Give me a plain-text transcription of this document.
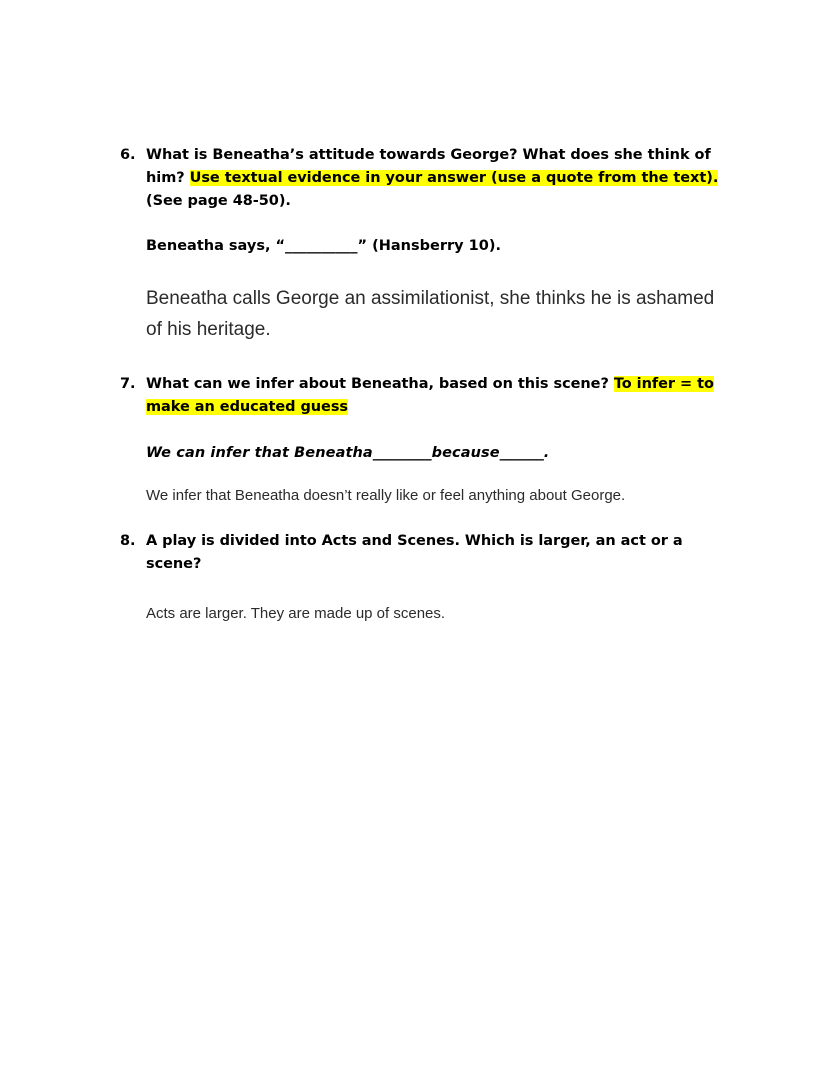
6. What is Beneatha’s attitude towards George? What does she think of him? Use textual evidence in your answer (use a quote from the text). (See page 48-50).
Beneatha says, “__________” (Hansberry 10).
Beneatha calls George an assimilationist, she thinks he is ashamed of his heritage.
7. What can we infer about Beneatha, based on this scene? To infer = to make an educated guess
We can infer that Beneatha________because______.
We infer that Beneatha doesn’t really like or feel anything about George.
8. A play is divided into Acts and Scenes. Which is larger, an act or a scene?
Acts are larger. They are made up of scenes.
